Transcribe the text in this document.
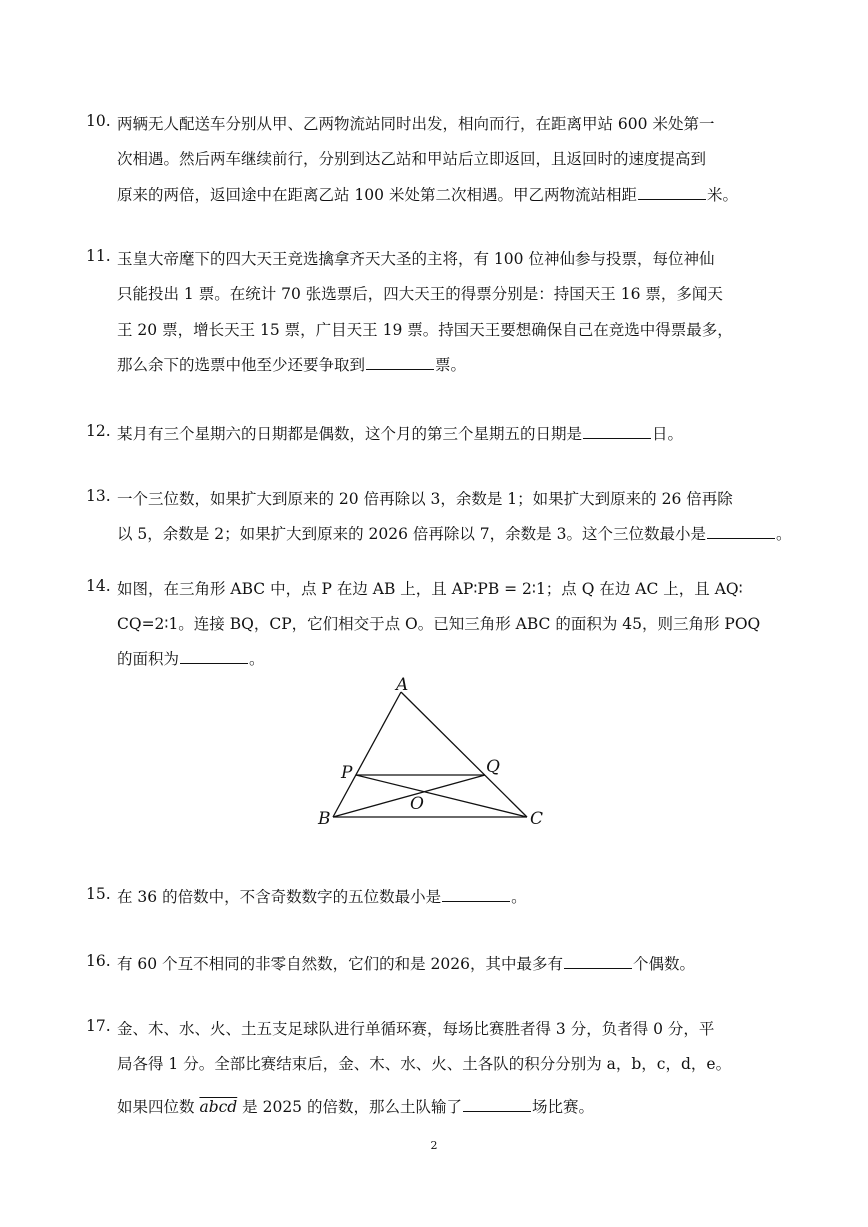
10. 两辆无人配送车分别从甲、乙两物流站同时出发，相向而行，在距离甲站 600 米处第一
次相遇。然后两车继续前行，分别到达乙站和甲站后立即返回，且返回时的速度提高到
原来的两倍，返回途中在距离乙站 100 米处第二次相遇。甲乙两物流站相距	米。
11. 玉皇大帝麾下的四大天王竞选擒拿齐天大圣的主将，有 100 位神仙参与投票，每位神仙
只能投出 1 票。在统计 70 张选票后，四大天王的得票分别是：持国天王 16 票，多闻天
王 20 票，增长天王 15 票，广目天王 19 票。持国天王要想确保自己在竞选中得票最多，
那么余下的选票中他至少还要争取到	票。
12. 某月有三个星期六的日期都是偶数，这个月的第三个星期五的日期是	日。
13. 一个三位数，如果扩大到原来的 20 倍再除以 3，余数是 1；如果扩大到原来的 26 倍再除
以 5，余数是 2；如果扩大到原来的 2026 倍再除以 7，余数是 3。这个三位数最小是	。
14. 如图，在三角形 ABC 中，点 P 在边 AB 上，且 AP∶PB = 2∶1；点 Q 在边 AC 上，且 AQ∶
CQ=2∶1。连接 BQ，CP，它们相交于点 O。已知三角形 ABC 的面积为 45，则三角形 POQ
的面积为	。
A
P	Q
O
B	C
15. 在 36 的倍数中，不含奇数数字的五位数最小是	。
16. 有 60 个互不相同的非零自然数，它们的和是 2026，其中最多有	个偶数。
17. 金、木、水、火、土五支足球队进行单循环赛，每场比赛胜者得 3 分，负者得 0 分，平
局各得 1 分。全部比赛结束后，金、木、水、火、土各队的积分分别为 a，b，c，d，e。
如果四位数 abcd 是 2025 的倍数，那么土队输了	场比赛。
2
